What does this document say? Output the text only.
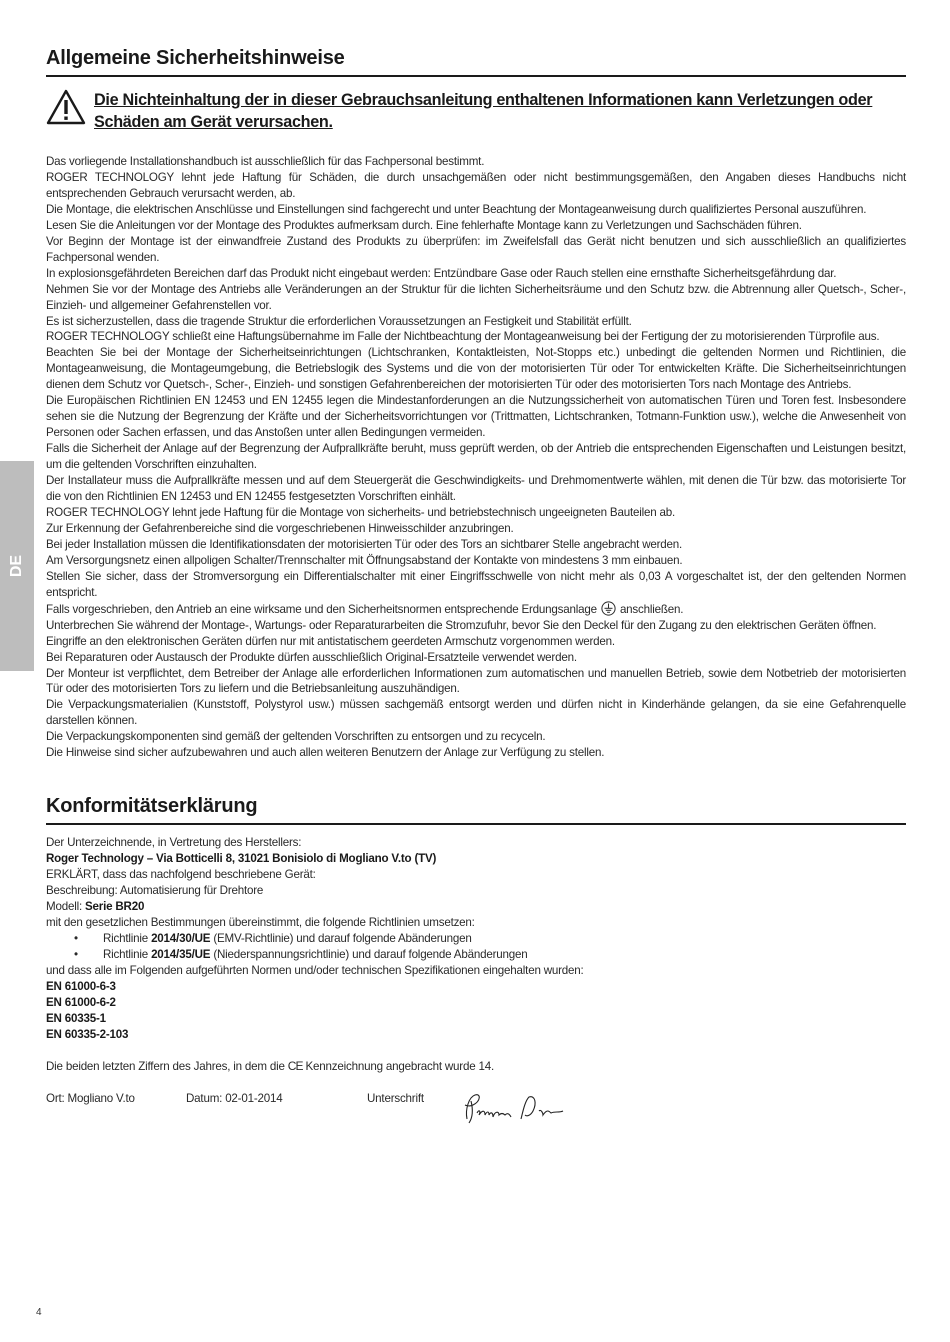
DE
Allgemeine Sicherheitshinweise
Die Nichteinhaltung der in dieser Gebrauchsanleitung enthaltenen Informationen kann Verletzungen oder Schäden am Gerät verursachen.

Das vorliegende Installationshandbuch ist ausschließlich für das Fachpersonal bestimmt.

ROGER TECHNOLOGY lehnt jede Haftung für Schäden, die durch unsachgemäßen oder nicht bestimmungsgemäßen, den Angaben dieses Handbuchs nicht entsprechenden Gebrauch verursacht werden, ab.

Die Montage, die elektrischen Anschlüsse und Einstellungen sind fachgerecht und unter Beachtung der Montageanweisung durch qualifiziertes Personal auszuführen.

Lesen Sie die Anleitungen vor der Montage des Produktes aufmerksam durch. Eine fehlerhafte Montage kann zu Verletzungen und Sachschäden führen.

Vor Beginn der Montage ist der einwandfreie Zustand des Produkts zu überprüfen: im Zweifelsfall das Gerät nicht benutzen und sich ausschließlich an qualifiziertes Fachpersonal wenden.

In explosionsgefährdeten Bereichen darf das Produkt nicht eingebaut werden: Entzündbare Gase oder Rauch stellen eine ernsthafte Sicherheitsgefährdung dar.

Nehmen Sie vor der Montage des Antriebs alle Veränderungen an der Struktur für die lichten Sicherheitsräume und den Schutz bzw. die Abtrennung aller Quetsch-, Scher-, Einzieh- und allgemeiner Gefahrenstellen vor.

Es ist sicherzustellen, dass die tragende Struktur die erforderlichen Voraussetzungen an Festigkeit und Stabilität erfüllt.

ROGER TECHNOLOGY schließt eine Haftungsübernahme im Falle der Nichtbeachtung der Montageanweisung bei der Fertigung der zu motorisierenden Türprofile aus.

Beachten Sie bei der Montage der Sicherheitseinrichtungen (Lichtschranken, Kontaktleisten, Not-Stopps etc.) unbedingt die geltenden Normen und Richtlinien, die Montageanweisung, die Montageumgebung, die Betriebslogik des Systems und die von der motorisierten Tür oder Tor entwickelten Kräfte. Die Sicherheitseinrichtungen dienen dem Schutz vor Quetsch-, Scher-, Einzieh- und sonstigen Gefahrenbereichen der motorisierten Tür oder des motorisierten Tors nach Montage des Antriebs.

Die Europäischen Richtlinien EN 12453 und EN 12455 legen die Mindestanforderungen an die Nutzungssicherheit von automatischen Türen und Toren fest. Insbesondere sehen sie die Nutzung der Begrenzung der Kräfte und der Sicherheitsvorrichtungen vor (Trittmatten, Lichtschranken, Totmann-Funktion usw.), welche die Anwesenheit von Personen oder Sachen erfassen, und das Anstoßen unter allen Bedingungen vermeiden.

Falls die Sicherheit der Anlage auf der Begrenzung der Aufprallkräfte beruht, muss geprüft werden, ob der Antrieb die entsprechenden Eigenschaften und Leistungen besitzt, um die geltenden Vorschriften einzuhalten.

Der Installateur muss die Aufprallkräfte messen und auf dem Steuergerät die Geschwindigkeits- und Drehmomentwerte wählen, mit denen die Tür bzw. das motorisierte Tor die von den Richtlinien EN 12453 und EN 12455 festgesetzten Vorschriften einhält.

ROGER TECHNOLOGY lehnt jede Haftung für die Montage von sicherheits- und betriebstechnisch ungeeigneten Bauteilen ab.

Zur Erkennung der Gefahrenbereiche sind die vorgeschriebenen Hinweisschilder anzubringen.

Bei jeder Installation müssen die Identifikationsdaten der motorisierten Tür oder des Tors an sichtbarer Stelle angebracht werden.

Am Versorgungsnetz einen allpoligen Schalter/Trennschalter mit Öffnungsabstand der Kontakte von mindestens 3 mm einbauen.

Stellen Sie sicher, dass der Stromversorgung ein Differentialschalter mit einer Eingriffsschwelle von nicht mehr als 0,03 A vorgeschaltet ist, der den geltenden Normen entspricht.

Falls vorgeschrieben, den Antrieb an eine wirksame und den Sicherheitsnormen entsprechende Erdungsanlage anschließen.

Unterbrechen Sie während der Montage-, Wartungs- oder Reparaturarbeiten die Stromzufuhr, bevor Sie den Deckel für den Zugang zu den elektrischen Geräten öffnen.

Eingriffe an den elektronischen Geräten dürfen nur mit antistatischem geerdeten Armschutz vorgenommen werden.

Bei Reparaturen oder Austausch der Produkte dürfen ausschließlich Original-Ersatzteile verwendet werden.

Der Monteur ist verpflichtet, dem Betreiber der Anlage alle erforderlichen Informationen zum automatischen und manuellen Betrieb, sowie dem Notbetrieb der motorisierten Tür oder des motorisierten Tors zu liefern und die Betriebsanleitung auszuhändigen.

Die Verpackungsmaterialien (Kunststoff, Polystyrol usw.) müssen sachgemäß entsorgt werden und dürfen nicht in Kinderhände gelangen, da sie eine Gefahrenquelle darstellen können.

Die Verpackungskomponenten sind gemäß der geltenden Vorschriften zu entsorgen und zu recyceln.

Die Hinweise sind sicher aufzubewahren und auch allen weiteren Benutzern der Anlage zur Verfügung zu stellen.

Konformitätserklärung

Der Unterzeichnende, in Vertretung des Herstellers:

Roger Technology – Via Botticelli 8, 31021 Bonisiolo di Mogliano V.to (TV)

ERKLÄRT, dass das nachfolgend beschriebene Gerät:

Beschreibung: Automatisierung für Drehtore

Modell: Serie BR20

mit den gesetzlichen Bestimmungen übereinstimmt, die folgende Richtlinien umsetzen:

•	Richtlinie 2014/30/UE (EMV-Richtlinie) und darauf folgende Abänderungen
•	Richtlinie 2014/35/UE (Niederspannungsrichtlinie) und darauf folgende Abänderungen

und dass alle im Folgenden aufgeführten Normen und/oder technischen Spezifikationen eingehalten wurden:

EN 61000-6-3

EN 61000-6-2

EN 60335-1

EN 60335-2-103

Die beiden letzten Ziffern des Jahres, in dem die CE Kennzeichnung angebracht wurde 14.

Ort: Mogliano V.to	Datum: 02-01-2014	Unterschrift
4
